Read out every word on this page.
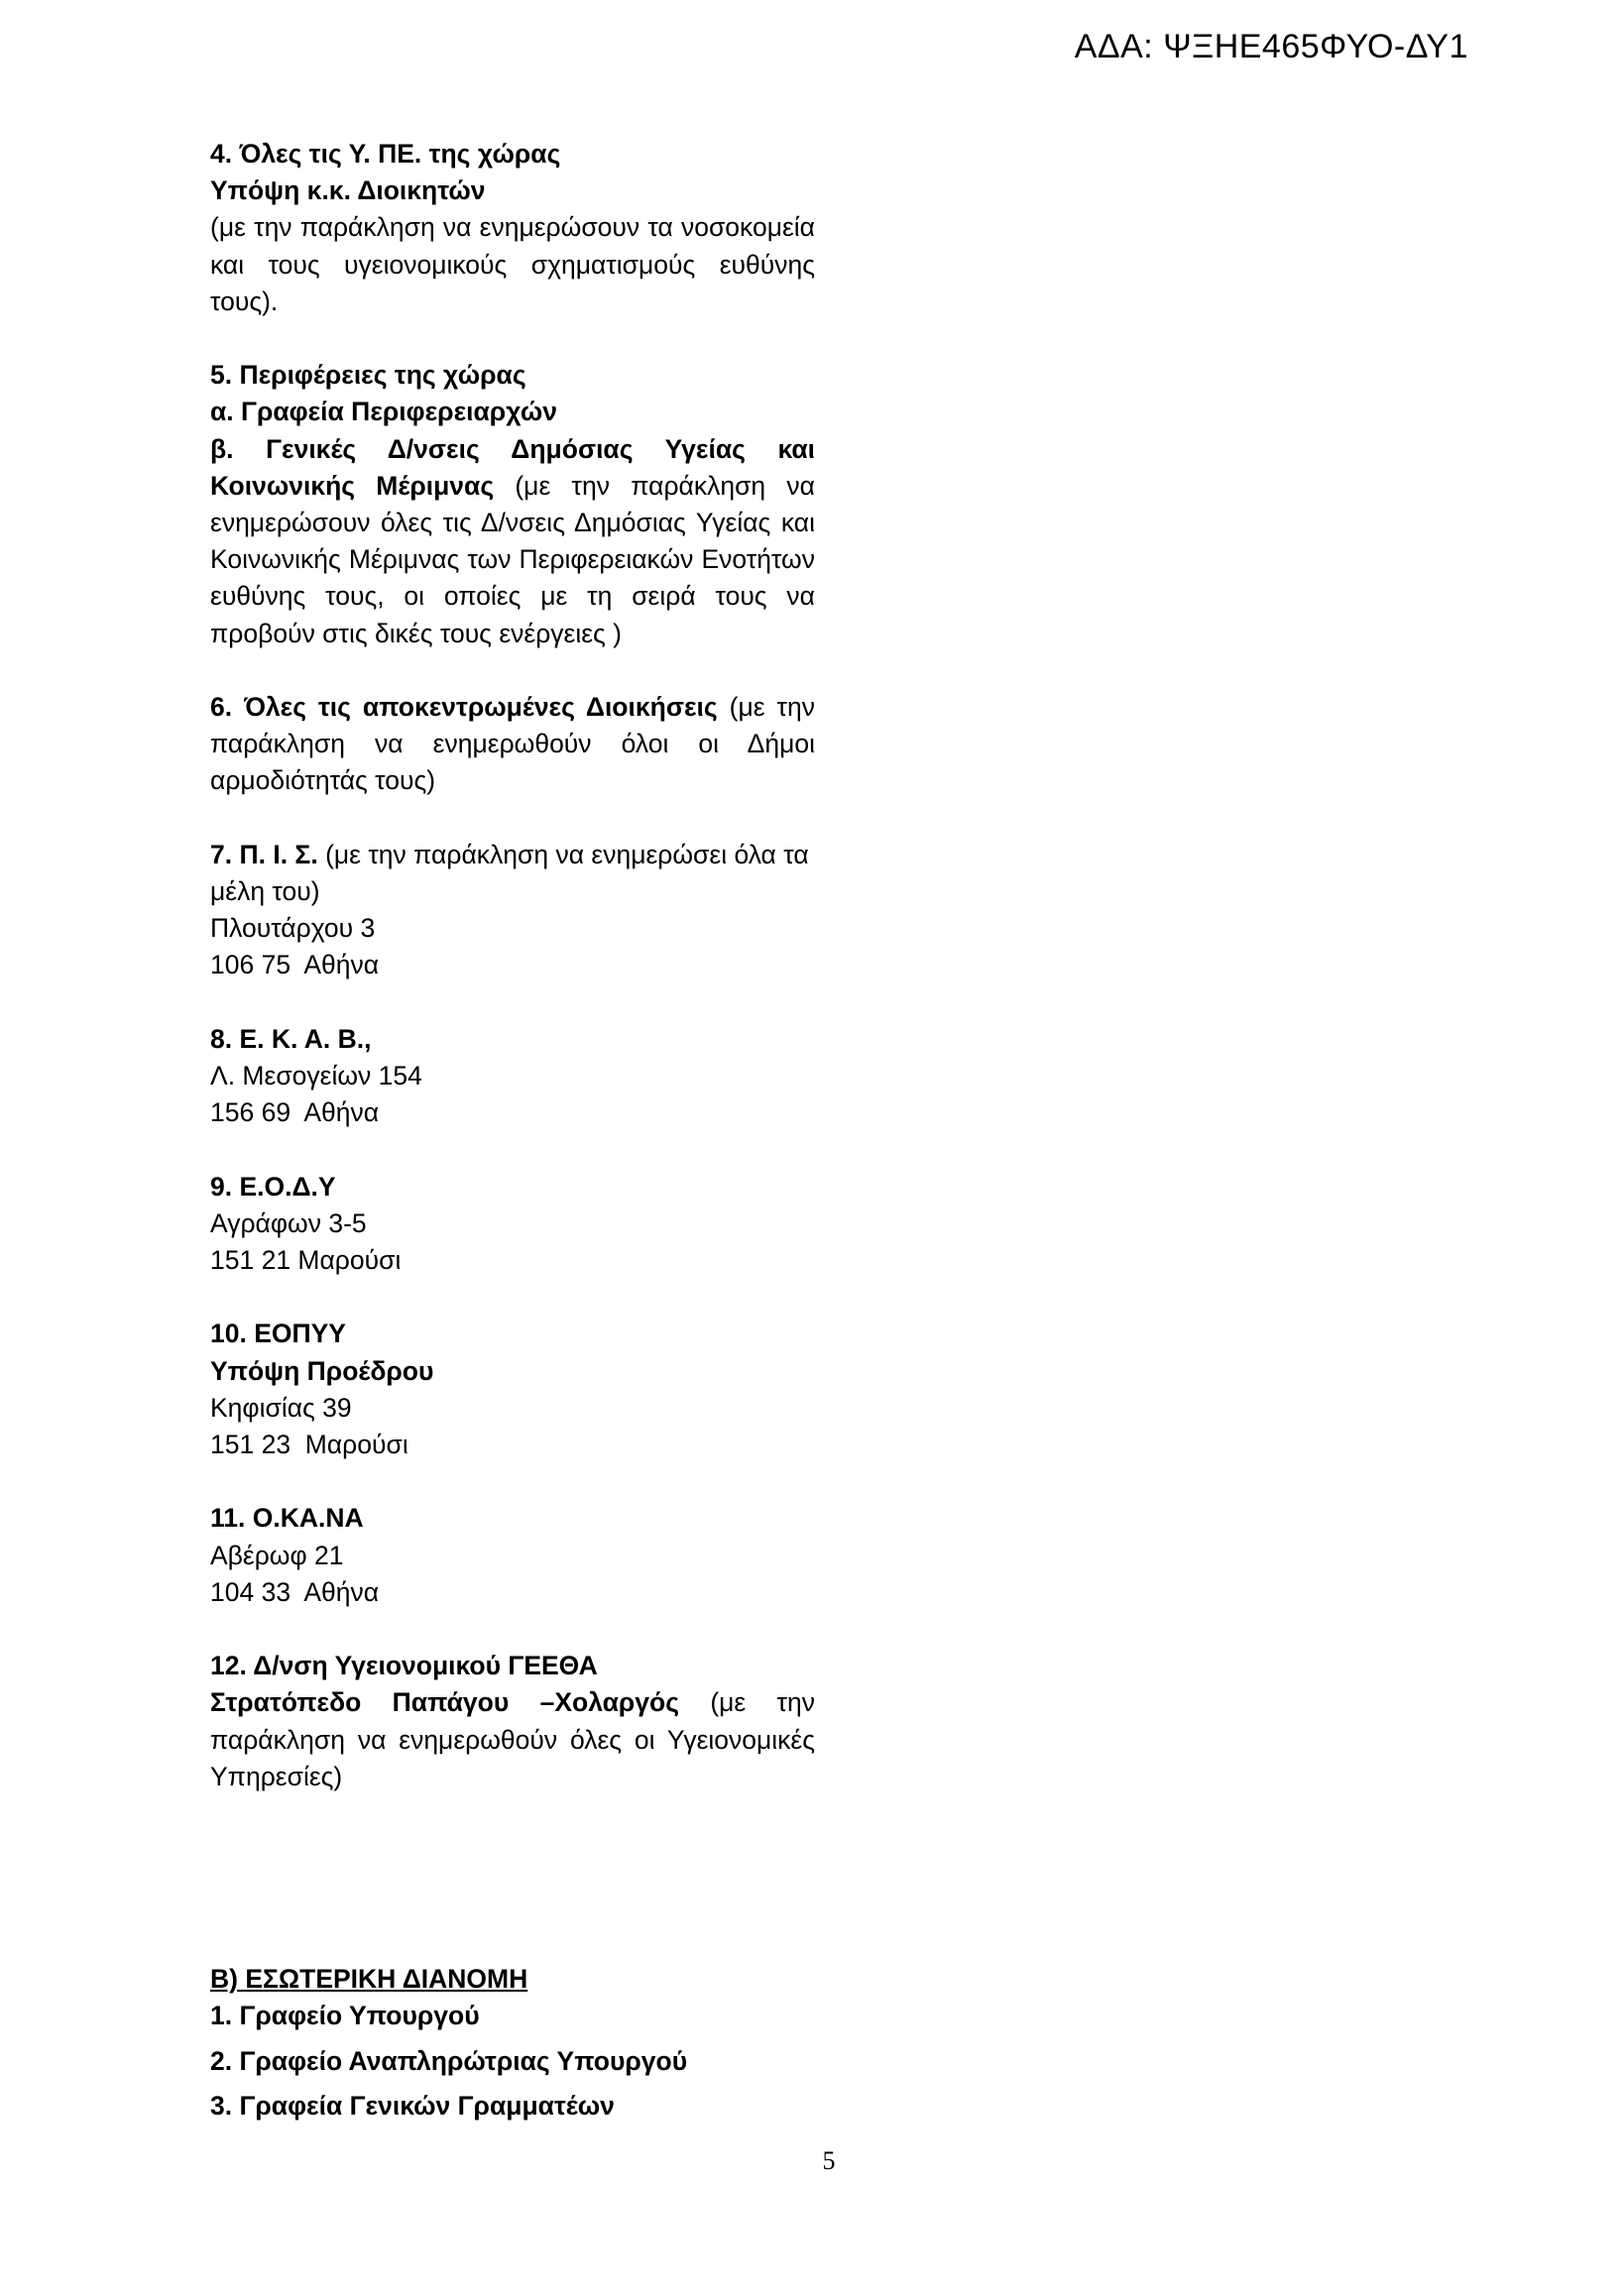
ΑΔΑ: ΨΞΗΕ465ΦΥΟ-ΔΥ1
4. Όλες τις Υ. ΠΕ. της χώρας
Υπόψη κ.κ. Διοικητών
(με την παράκληση να ενημερώσουν τα νοσοκομεία και τους υγειονομικούς σχηματισμούς ευθύνης τους).
5. Περιφέρειες της χώρας
α. Γραφεία Περιφερειαρχών
β. Γενικές Δ/νσεις Δημόσιας Υγείας και Κοινωνικής Μέριμνας (με την παράκληση να ενημερώσουν όλες τις Δ/νσεις Δημόσιας Υγείας και Κοινωνικής Μέριμνας των Περιφερειακών Ενοτήτων ευθύνης τους, οι οποίες με τη σειρά τους να προβούν στις δικές τους ενέργειες )
6. Όλες τις αποκεντρωμένες Διοικήσεις (με την παράκληση να ενημερωθούν όλοι οι Δήμοι αρμοδιότητάς τους)
7. Π. Ι. Σ. (με την παράκληση να ενημερώσει όλα τα μέλη του)
Πλουτάρχου 3
106 75  Αθήνα
8. Ε. Κ. Α. Β.,
Λ. Μεσογείων 154
156 69  Αθήνα
9. Ε.Ο.Δ.Υ
Αγράφων 3-5
151 21 Μαρούσι
10. ΕΟΠΥΥ
Υπόψη Προέδρου
Κηφισίας 39
151 23  Μαρούσι
11. Ο.ΚΑ.ΝΑ
Αβέρωφ 21
104 33  Αθήνα
12. Δ/νση Υγειονομικού ΓΕΕΘΑ
Στρατόπεδο Παπάγου –Χολαργός (με την παράκληση να ενημερωθούν όλες οι Υγειονομικές Υπηρεσίες)
Β) ΕΣΩΤΕΡΙΚΗ ΔΙΑΝΟΜΗ
1. Γραφείο Υπουργού
2. Γραφείο Αναπληρώτριας Υπουργού
3. Γραφεία Γενικών Γραμματέων
5
